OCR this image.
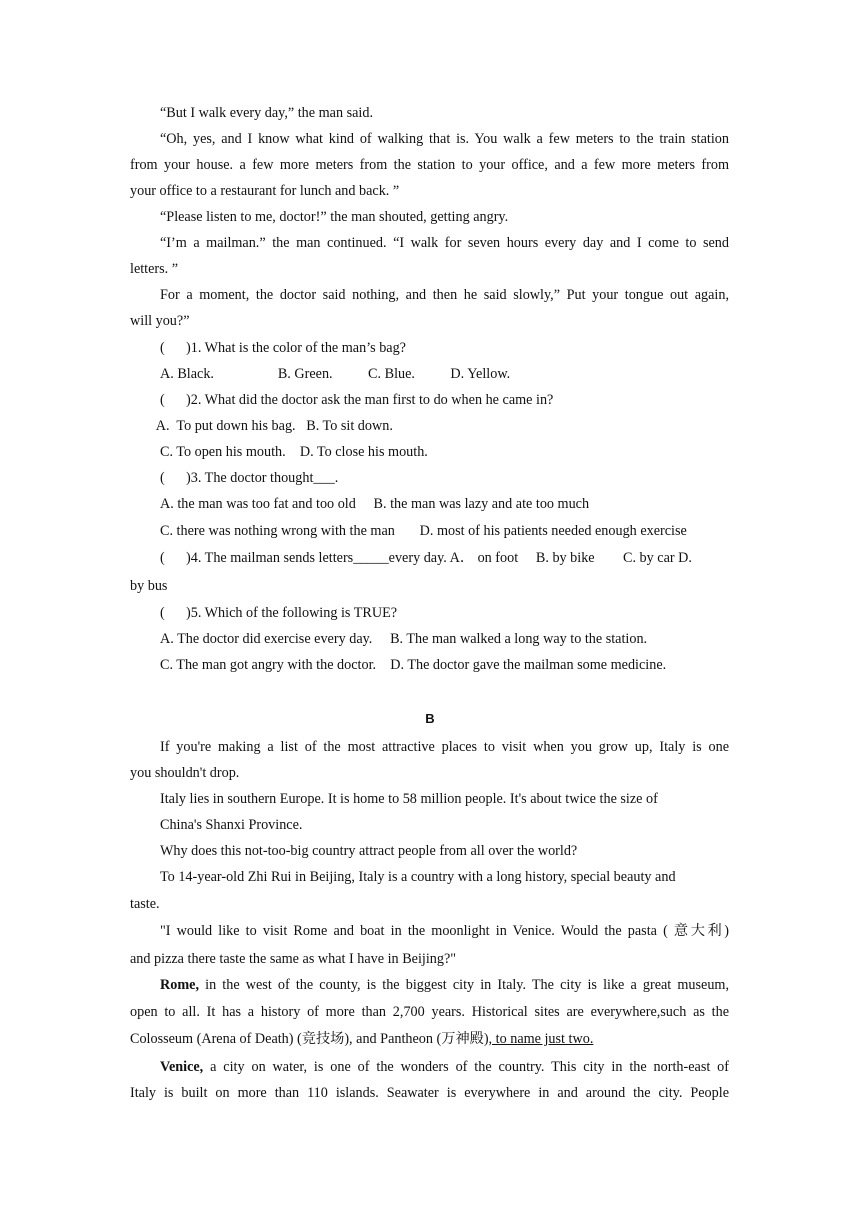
“But I walk every day,” the man said.
“Oh, yes, and I know what kind of walking that is. You walk a few meters to the train station
from your house. a few more meters from the station to your office, and a few more meters from
your office to a restaurant for lunch and back. ”
“Please listen to me, doctor!” the man shouted, getting angry.
“I’m a mailman.” the man continued. “I walk for seven hours every day and I come to send
letters. ”
For a moment, the doctor said nothing, and then he said slowly,” Put your tongue out again,
will you?”
(      )1. What is the color of the man’s bag?
A. Black.                  B. Green.          C. Blue.          D. Yellow.
(      )2. What did the doctor ask the man first to do when he came in?
A.  To put down his bag.   B. To sit down.
C. To open his mouth.    D. To close his mouth.
(      )3. The doctor thought___.
A. the man was too fat and too old     B. the man was lazy and ate too much
C. there was nothing wrong with the man       D. most of his patients needed enough exercise
(      )4. The mailman sends letters_____every day. A． on foot     B. by bike        C. by car D.
by bus
(      )5. Which of the following is TRUE?
A. The doctor did exercise every day.     B. The man walked a long way to the station.
C. The man got angry with the doctor.    D. The doctor gave the mailman some medicine.
B
If you're making a list of the most attractive places to visit when you grow up, Italy is one
you shouldn't drop.
Italy lies in southern Europe. It is home to 58 million people. It's about twice the size of
China's Shanxi Province.
Why does this not-too-big country attract people from all over the world?
To 14-year-old Zhi Rui in Beijing, Italy is a country with a long history, special beauty and
taste.
"I would like to visit Rome and boat in the moonlight in Venice. Would the pasta ( 意大利)
and pizza there taste the same as what I have in Beijing?"
Rome, in the west of the county, is the biggest city in Italy. The city is like a great museum,
open to all. It has a history of more than 2,700 years. Historical sites are everywhere,such as the
Colosseum (Arena of Death) (竞技场), and Pantheon (万神殿), to name just two.
Venice, a city on water, is one of the wonders of the country. This city in the north-east of
Italy is built on more than 110 islands. Seawater is everywhere in and around the city. People
